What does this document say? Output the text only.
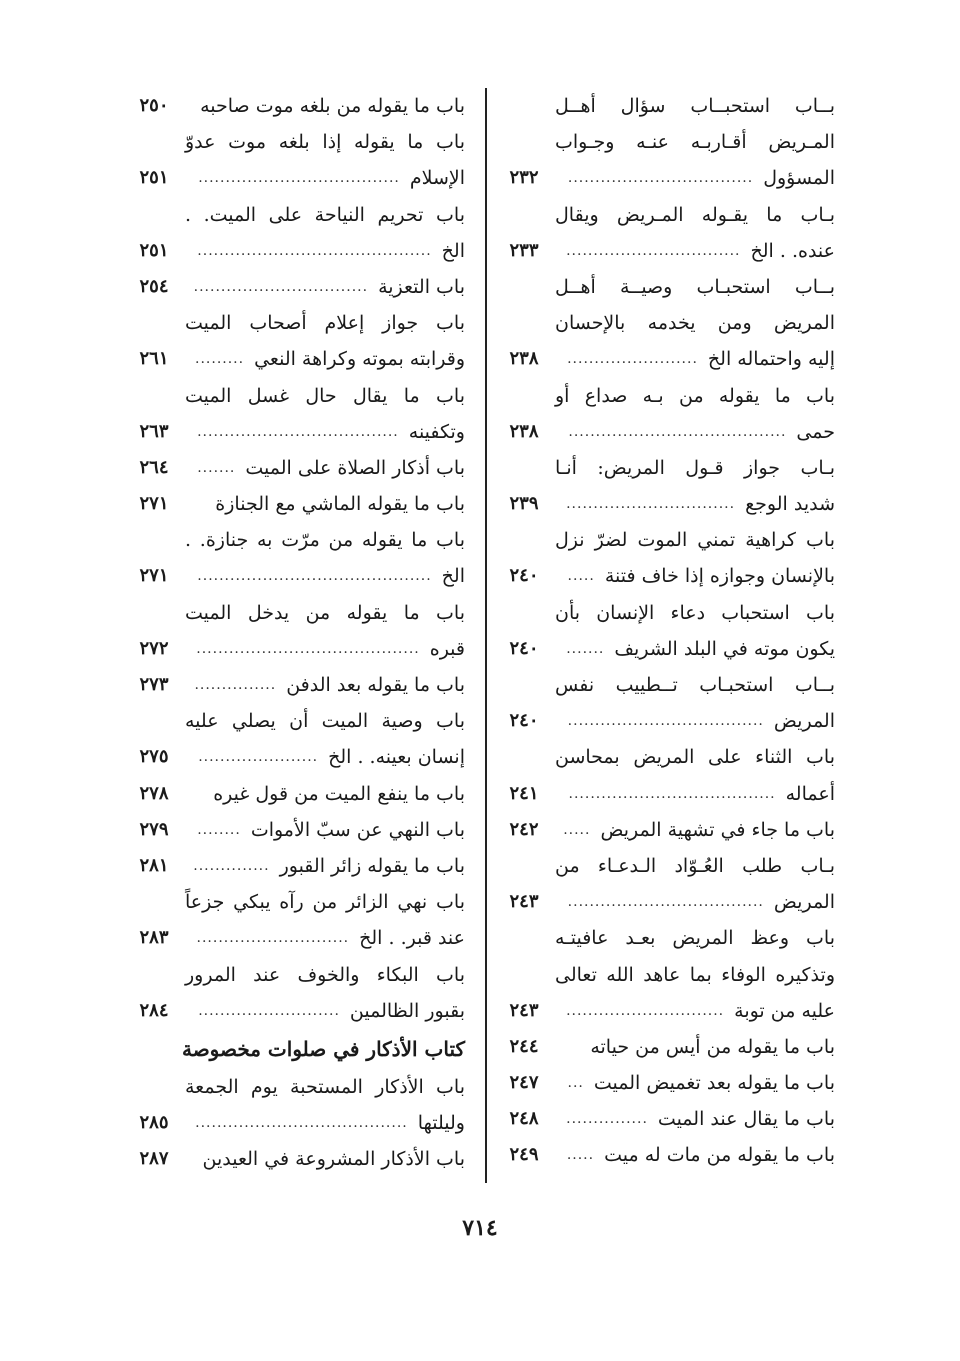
بــاب استحبــاب سؤال أهــل
المـريض أقـاربـه عنـه وجـواب
المسؤول
٢٣٢	..................................
بـاب ما يقـوله المـريض ويقال
عنده. . الخ
٢٣٣	................................
بــاب استحبـاب وصيــة أهــل
المريض ومن يخدمه بالإحسان
إليه واحتماله الخ
٢٣٨	........................
باب ما يقوله من بـه صداع أو
حمى
٢٣٨	........................................
بـاب جواز قـول المريض: أنـا
شديد الوجع
٢٣٩	...............................
باب كراهية تمني الموت لضرّ نزل
بالإنسان وجوازه إذا خاف فتنة
٢٤٠	.....
باب استحباب دعاء الإنسان بأن
يكون موته في البلد الشريف
٢٤٠	.......
بــاب استحبـاب تــطييب نفس
المريض
٢٤٠	....................................
باب الثناء على المريض بمحاسن
أعماله
٢٤١	......................................
باب ما جاء في تشهية المريض
٢٤٢	.....
بـاب طلب العُـوّاد الـدعـاء من
المريض
٢٤٣	....................................
باب وعظ المريض بعـد عافيتـه
وتذكيره الوفاء بما عاهد الله تعالى
عليه من توبة
٢٤٣	.............................
باب ما يقوله من أيس من حياته
٢٤٤
باب ما يقوله بعد تغميض الميت
٢٤٧	...
باب ما يقال عند الميت
٢٤٨	...............
باب ما يقوله من مات له ميت
٢٤٩	.....
باب ما يقوله من بلغه موت صاحبه
٢٥٠
باب ما يقوله إذا بلغه موت عدوّ
الإسلام
٢٥١	.....................................
باب تحريم النياحة على الميت. .
الخ
٢٥١	...........................................
باب التعزية
٢٥٤	................................
باب جواز إعلام أصحاب الميت
وقرابته بموته وكراهة النعي
٢٦١	.........
باب ما يقال حال غسل الميت
وتكفينه
٢٦٣	.....................................
باب أذكار الصلاة على الميت
٢٦٤	.......
باب ما يقوله الماشي مع الجنازة
٢٧١
باب ما يقوله من مرّت به جنازة. .
الخ
٢٧١	...........................................
باب ما يقوله من يدخل الميت
قبره
٢٧٢	.........................................
باب ما يقوله بعد الدفن
٢٧٣	...............
باب وصية الميت أن يصلي عليه
إنسان بعينه. . الخ
٢٧٥	......................
باب ما ينفع الميت من قول غيره
٢٧٨
باب النهي عن سبّ الأموات
٢٧٩	........
باب ما يقوله زائر القبور
٢٨١	..............
باب نهي الزائر من رآه يبكي جزعاً
عند قبر. . الخ
٢٨٣	............................
باب البكاء والخوف عند المرور
بقبور الظالمين
٢٨٤	..........................
كتاب الأذكار في صلوات مخصوصة
باب الأذكار المستحبة يوم الجمعة
وليلتها
٢٨٥	.......................................
باب الأذكار المشروعة في العيدين
٢٨٧
٧١٤
